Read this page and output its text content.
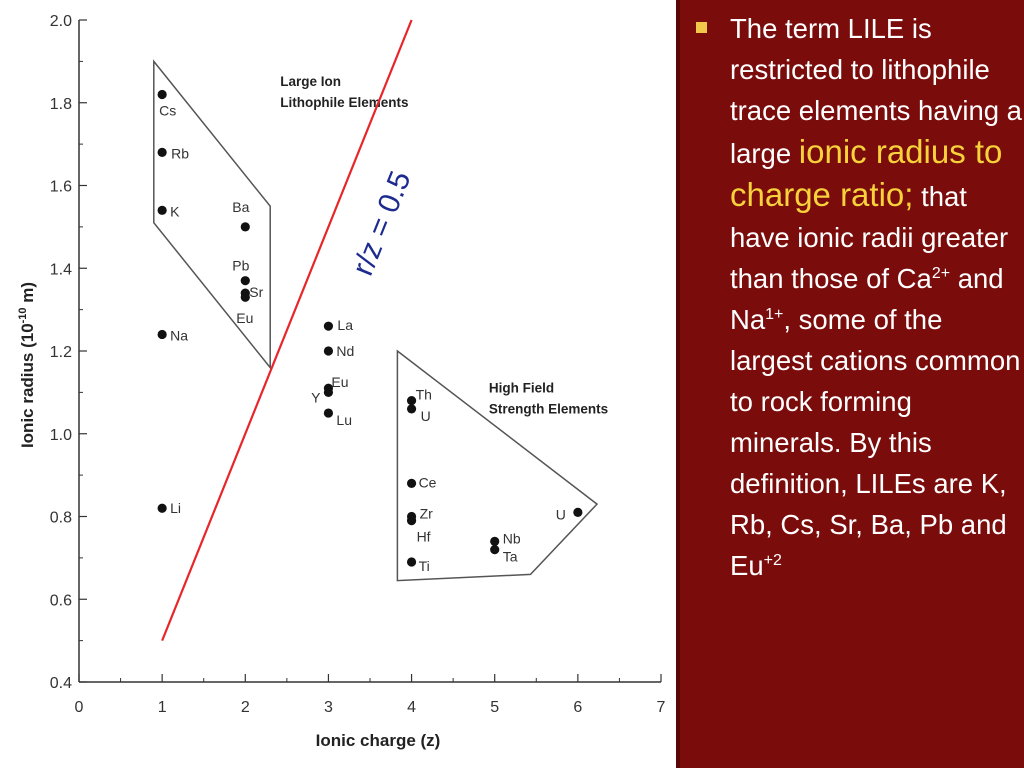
Large Ion
Lithophile Elements
High Field
Strength Elements
0	1	2	3	4	5	6	7
0.4
0.6
0.8
1.0
1.2
1.4
1.6
1.8
2.0
r/z = 0.5
Cs
Rb
K
Na
Li
Ba
Pb
Sr
Eu	La
Nd
Eu
Y
Lu
Th
U
Ce
Zr
Hf
Ti
Nb
Ta
U
Ionic charge (z)
Ionic radius ($10^{-10}$ m)
The term LILE is restricted to lithophile trace elements having a large ionic radius to charge ratio; that have ionic radii greater than those of $Ca^{2+}$ and $Na^{1+}$, some of the largest cations common to rock forming minerals. By this definition, LILEs are K, Rb, Cs, Sr, Ba, Pb and $Eu^{+2}$
